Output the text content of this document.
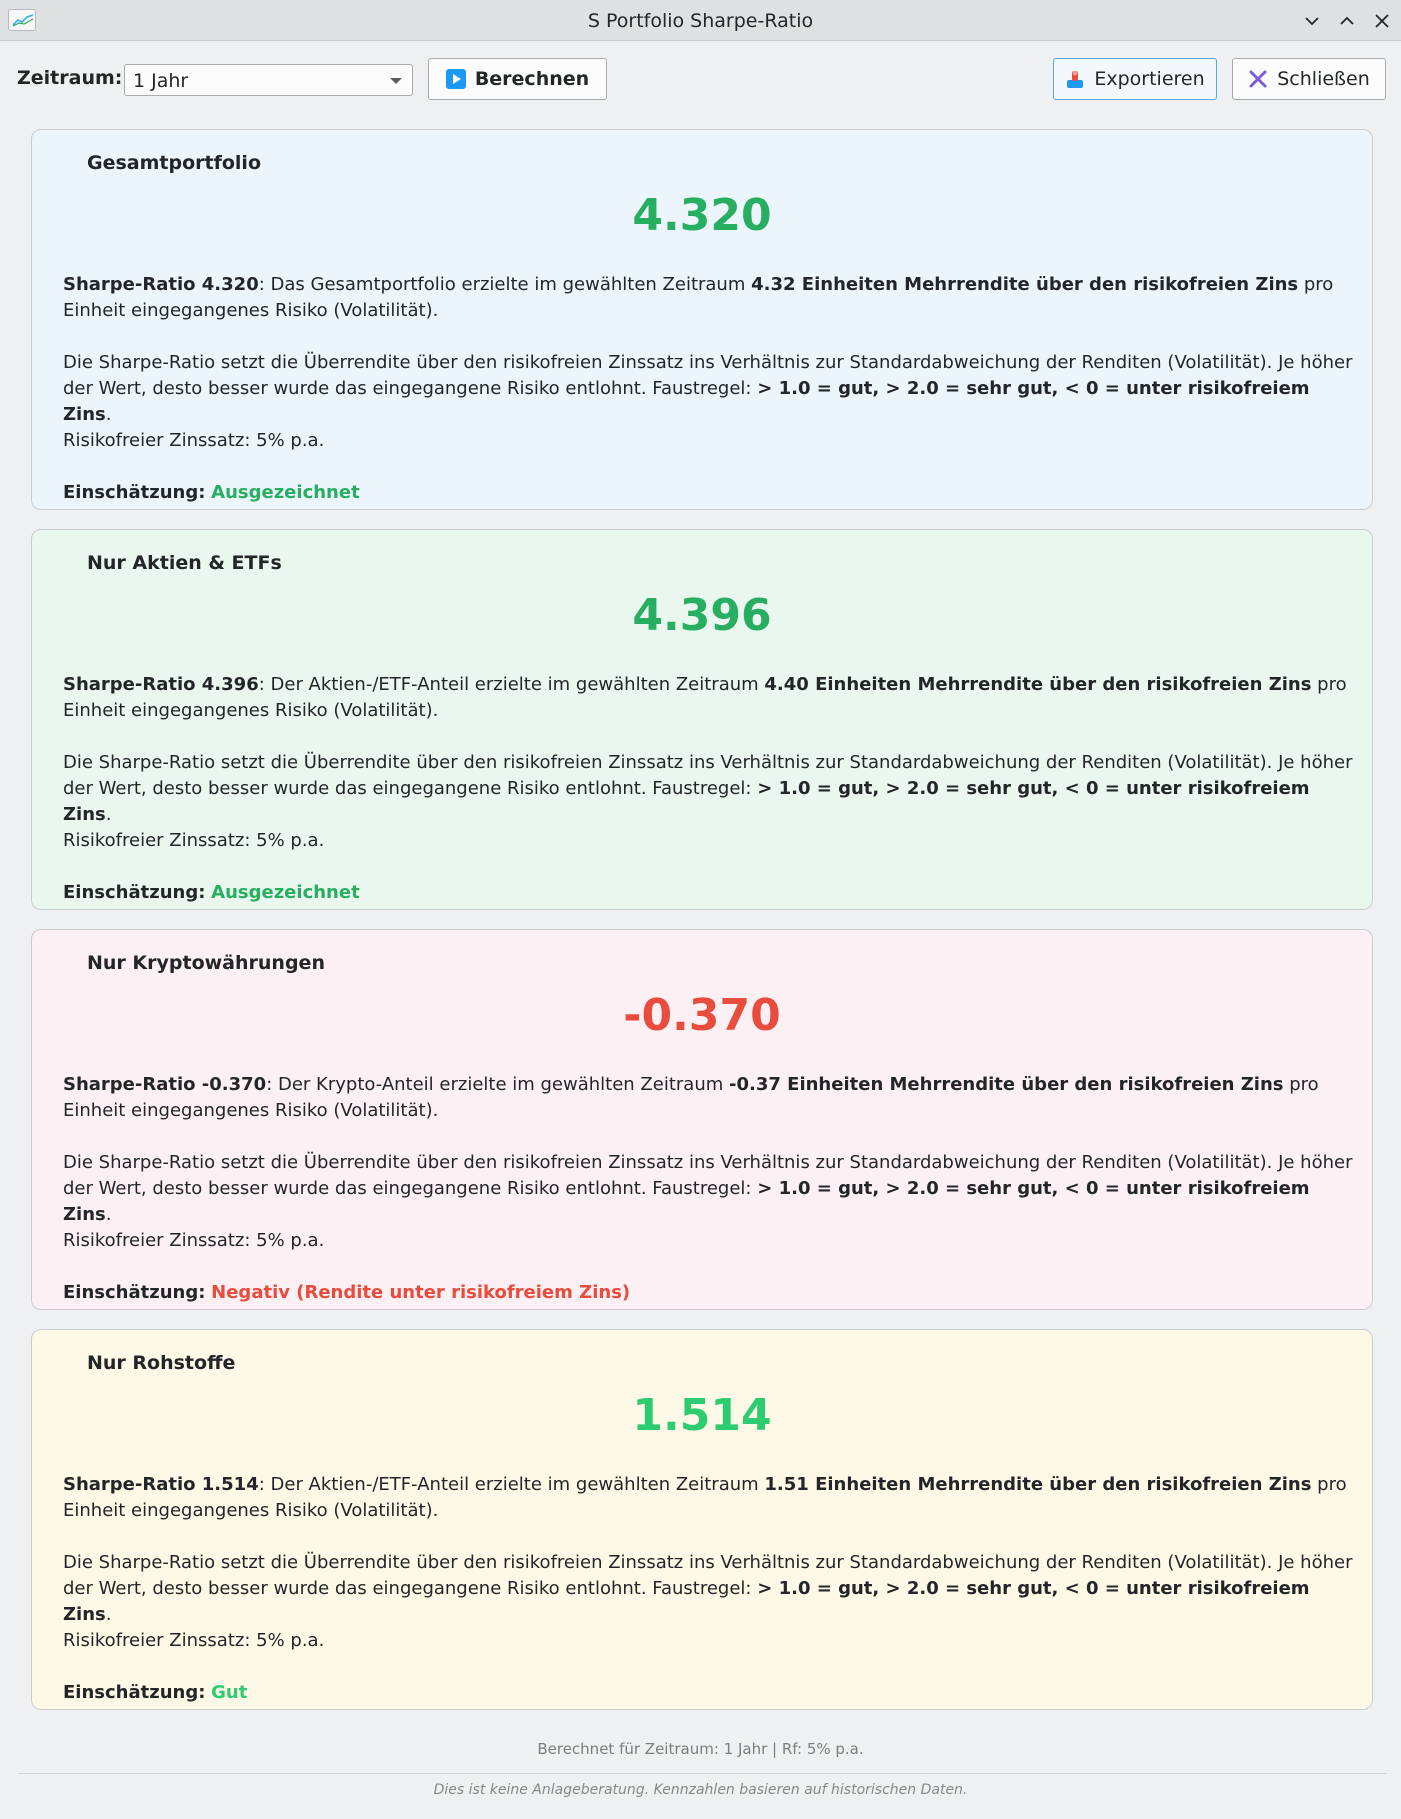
S Portfolio Sharpe-Ratio
Zeitraum: 1 Jahr	Berechnen	Exportieren	Schließen
Gesamtportfolio
4.320

Sharpe-Ratio 4.320: Das Gesamtportfolio erzielte im gewählten Zeitraum 4.32 Einheiten Mehrrendite über den risikofreien Zins pro Einheit eingegangenes Risiko (Volatilität).

Die Sharpe-Ratio setzt die Überrendite über den risikofreien Zinssatz ins Verhältnis zur Standardabweichung der Renditen (Volatilität). Je höher der Wert, desto besser wurde das eingegangene Risiko entlohnt. Faustregel: > 1.0 = gut, > 2.0 = sehr gut, < 0 = unter risikofreiem Zins.
Risikofreier Zinssatz: 5% p.a.

Einschätzung: Ausgezeichnet

Nur Aktien & ETFs
4.396

Sharpe-Ratio 4.396: Der Aktien-/ETF-Anteil erzielte im gewählten Zeitraum 4.40 Einheiten Mehrrendite über den risikofreien Zins pro Einheit eingegangenes Risiko (Volatilität).

Die Sharpe-Ratio setzt die Überrendite über den risikofreien Zinssatz ins Verhältnis zur Standardabweichung der Renditen (Volatilität). Je höher der Wert, desto besser wurde das eingegangene Risiko entlohnt. Faustregel: > 1.0 = gut, > 2.0 = sehr gut, < 0 = unter risikofreiem Zins.
Risikofreier Zinssatz: 5% p.a.

Einschätzung: Ausgezeichnet

Nur Kryptowährungen
-0.370

Sharpe-Ratio -0.370: Der Krypto-Anteil erzielte im gewählten Zeitraum -0.37 Einheiten Mehrrendite über den risikofreien Zins pro Einheit eingegangenes Risiko (Volatilität).

Die Sharpe-Ratio setzt die Überrendite über den risikofreien Zinssatz ins Verhältnis zur Standardabweichung der Renditen (Volatilität). Je höher der Wert, desto besser wurde das eingegangene Risiko entlohnt. Faustregel: > 1.0 = gut, > 2.0 = sehr gut, < 0 = unter risikofreiem Zins.
Risikofreier Zinssatz: 5% p.a.

Einschätzung: Negativ (Rendite unter risikofreiem Zins)

Nur Rohstoffe
1.514

Sharpe-Ratio 1.514: Der Aktien-/ETF-Anteil erzielte im gewählten Zeitraum 1.51 Einheiten Mehrrendite über den risikofreien Zins pro Einheit eingegangenes Risiko (Volatilität).

Die Sharpe-Ratio setzt die Überrendite über den risikofreien Zinssatz ins Verhältnis zur Standardabweichung der Renditen (Volatilität). Je höher der Wert, desto besser wurde das eingegangene Risiko entlohnt. Faustregel: > 1.0 = gut, > 2.0 = sehr gut, < 0 = unter risikofreiem Zins.
Risikofreier Zinssatz: 5% p.a.

Einschätzung: Gut

Berechnet für Zeitraum: 1 Jahr | Rf: 5% p.a.
Dies ist keine Anlageberatung. Kennzahlen basieren auf historischen Daten.
